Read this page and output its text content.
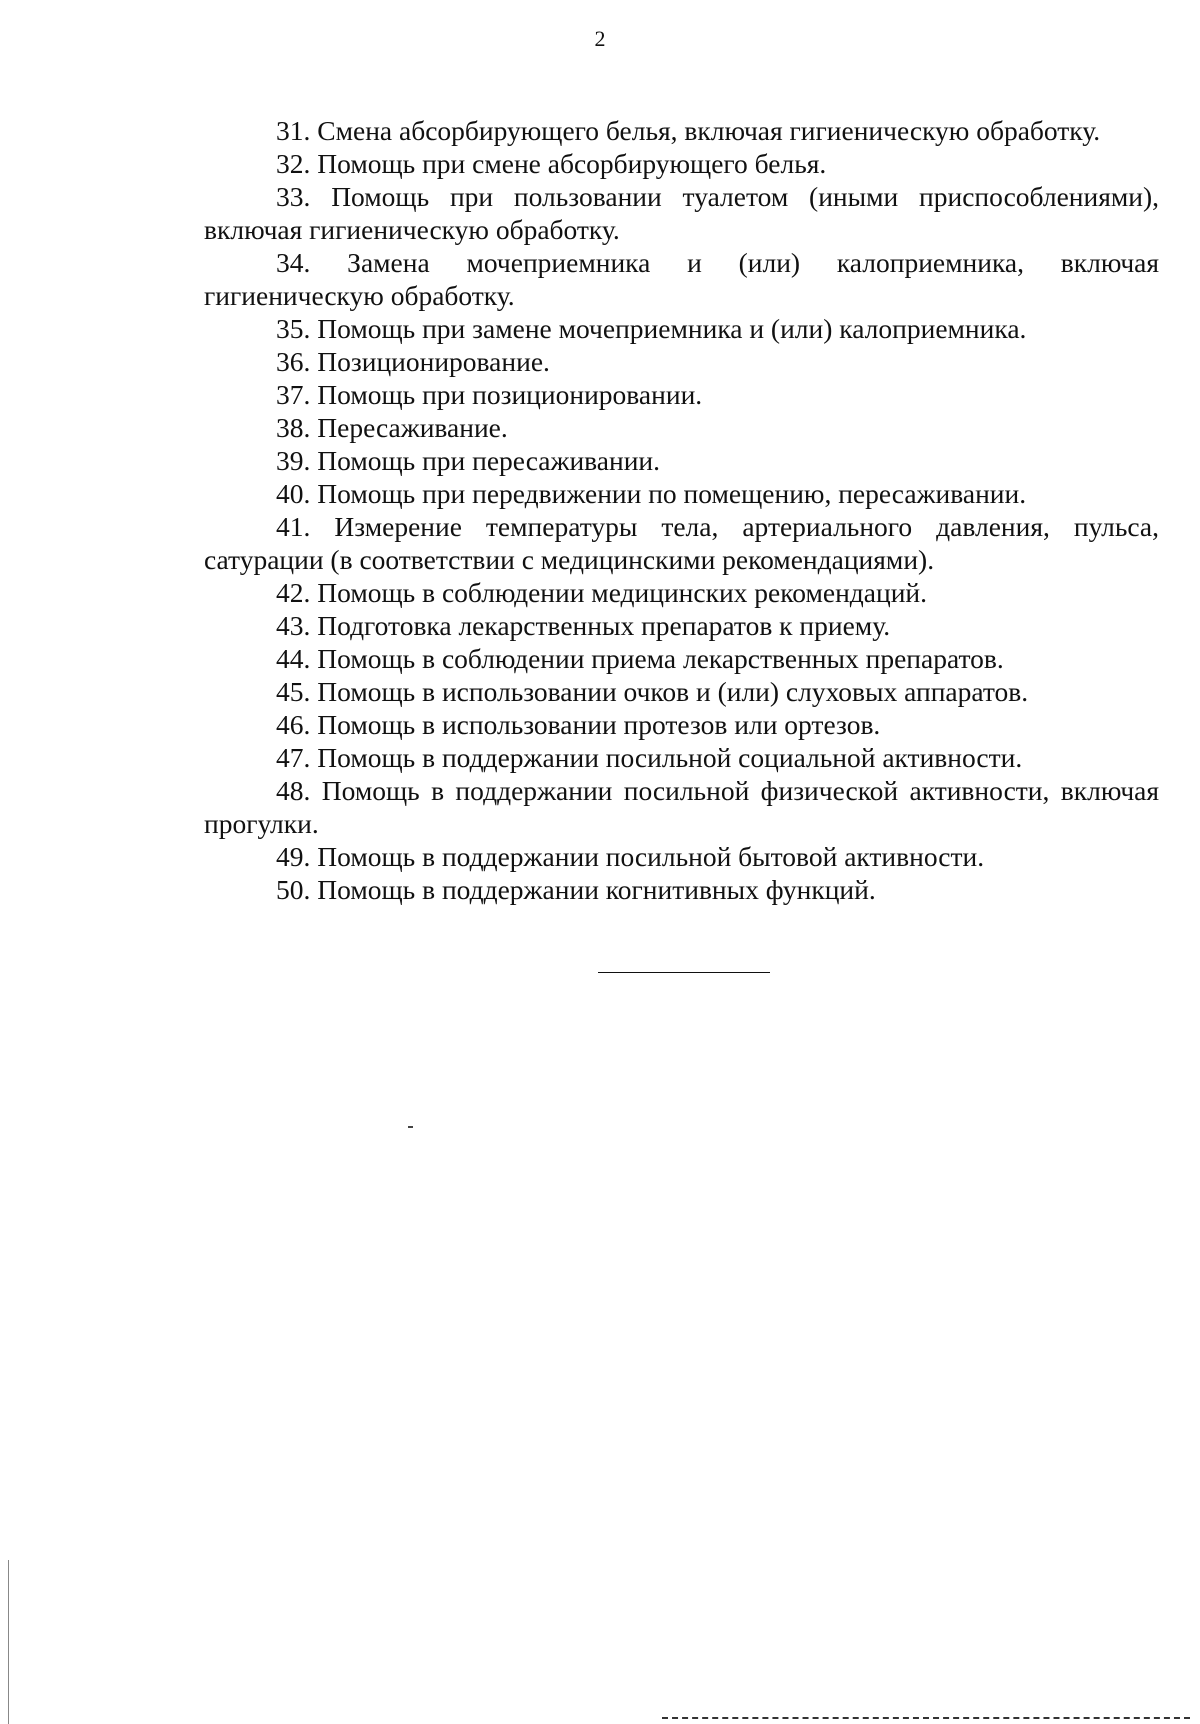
2

31. Смена абсорбирующего белья, включая гигиеническую обработку.

32. Помощь при смене абсорбирующего белья.

33. Помощь при пользовании туалетом (иными приспособлениями), включая гигиеническую обработку.

34. Замена мочеприемника и (или) калоприемника, включая гигиеническую обработку.

35. Помощь при замене мочеприемника и (или) калоприемника.

36. Позиционирование.

37. Помощь при позиционировании.

38. Пересаживание.

39. Помощь при пересаживании.

40. Помощь при передвижении по помещению, пересаживании.

41. Измерение температуры тела, артериального давления, пульса, сатурации (в соответствии с медицинскими рекомендациями).

42. Помощь в соблюдении медицинских рекомендаций.

43. Подготовка лекарственных препаратов к приему.

44. Помощь в соблюдении приема лекарственных препаратов.

45. Помощь в использовании очков и (или) слуховых аппаратов.

46. Помощь в использовании протезов или ортезов.

47. Помощь в поддержании посильной социальной активности.

48. Помощь в поддержании посильной физической активности, включая прогулки.

49. Помощь в поддержании посильной бытовой активности.

50. Помощь в поддержании когнитивных функций.
